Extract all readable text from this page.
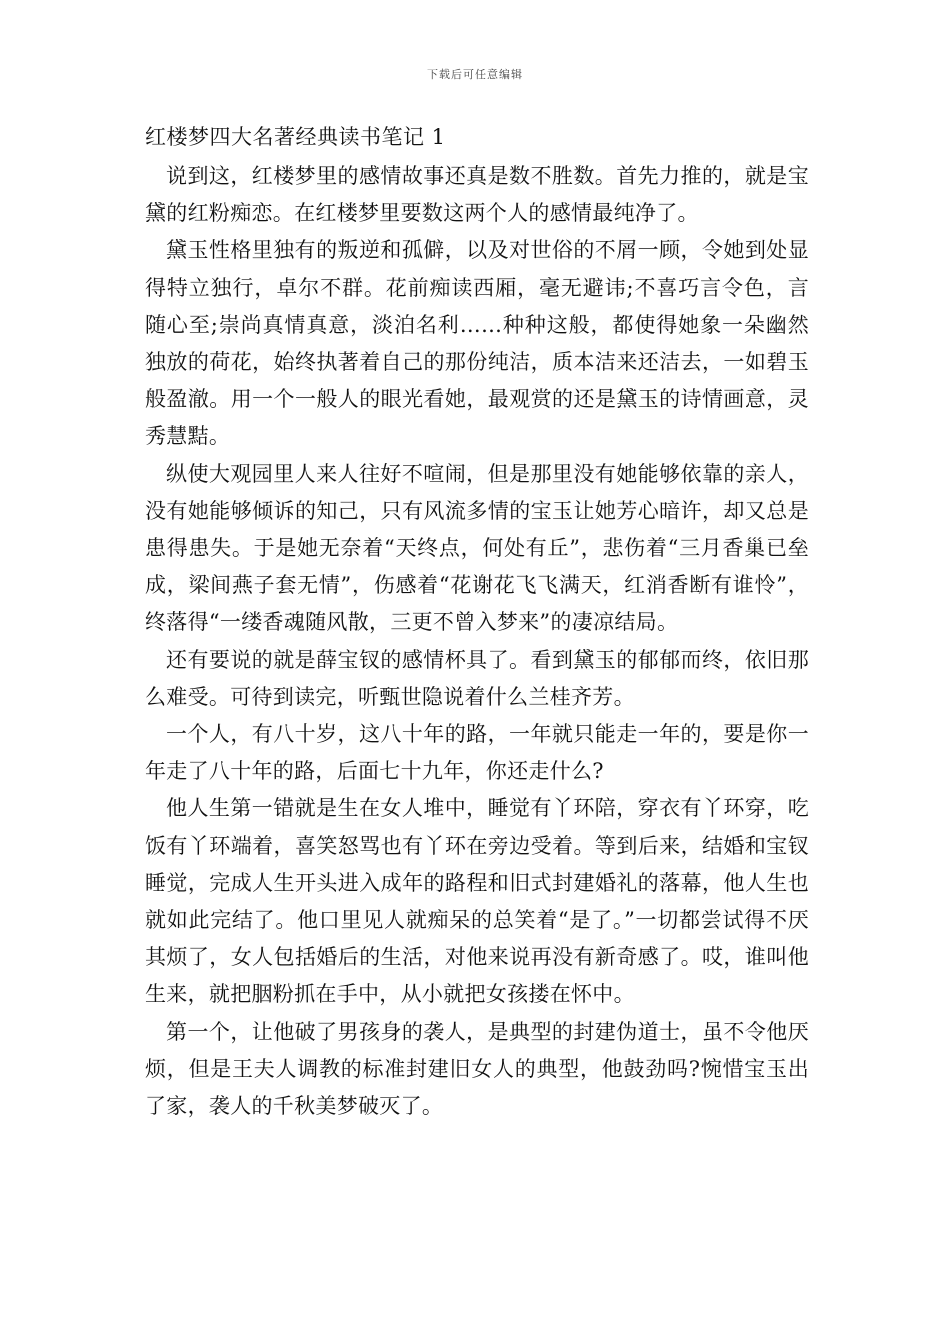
下载后可任意编辑
红楼梦四大名著经典读书笔记 1

说到这，红楼梦里的感情故事还真是数不胜数。首先力推的，就是宝黛的红粉痴恋。在红楼梦里要数这两个人的感情最纯净了。

黛玉性格里独有的叛逆和孤僻，以及对世俗的不屑一顾，令她到处显得特立独行，卓尔不群。花前痴读西厢，毫无避讳;不喜巧言令色，言随心至;崇尚真情真意，淡泊名利……种种这般，都使得她象一朵幽然独放的荷花，始终执著着自己的那份纯洁，质本洁来还洁去，一如碧玉般盈澈。用一个一般人的眼光看她，最观赏的还是黛玉的诗情画意，灵秀慧黠。

纵使大观园里人来人往好不喧闹，但是那里没有她能够依靠的亲人，没有她能够倾诉的知己，只有风流多情的宝玉让她芳心暗许，却又总是患得患失。于是她无奈着“天终点，何处有丘”，悲伤着“三月香巢已垒成，梁间燕子套无情”，伤感着“花谢花飞飞满天，红消香断有谁怜”，终落得“一缕香魂随风散，三更不曾入梦来”的凄凉结局。

还有要说的就是薛宝钗的感情杯具了。看到黛玉的郁郁而终，依旧那么难受。可待到读完，听甄世隐说着什么兰桂齐芳。

一个人，有八十岁，这八十年的路，一年就只能走一年的，要是你一年走了八十年的路，后面七十九年，你还走什么?

他人生第一错就是生在女人堆中，睡觉有丫环陪，穿衣有丫环穿，吃饭有丫环端着，喜笑怒骂也有丫环在旁边受着。等到后来，结婚和宝钗睡觉，完成人生开头进入成年的路程和旧式封建婚礼的落幕，他人生也就如此完结了。他口里见人就痴呆的总笑着“是了。”一切都尝试得不厌其烦了，女人包括婚后的生活，对他来说再没有新奇感了。哎，谁叫他生来，就把胭粉抓在手中，从小就把女孩搂在怀中。

第一个，让他破了男孩身的袭人，是典型的封建伪道士，虽不令他厌烦，但是王夫人调教的标准封建旧女人的典型，他鼓劲吗?惋惜宝玉出了家，袭人的千秋美梦破灭了。
